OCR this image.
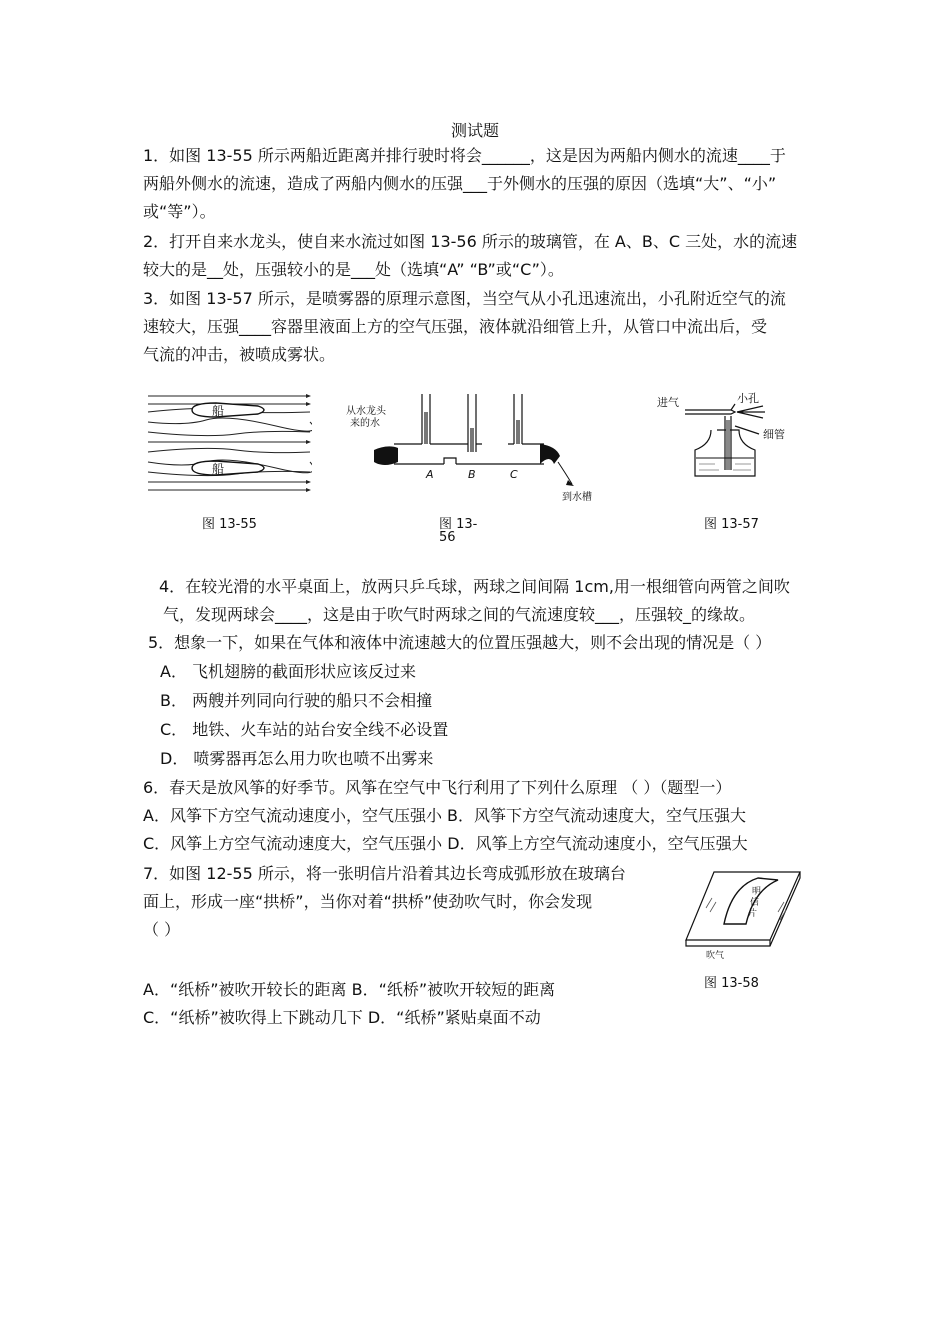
测试题
1．如图 13-55 所示两船近距离并排行驶时将会______，这是因为两船内侧水的流速____于
两船外侧水的流速，造成了两船内侧水的压强___于外侧水的压强的原因（选填“大”、“小”
或“等”）。
2．打开自来水龙头，使自来水流过如图 13-56 所示的玻璃管，在 A、B、C 三处，水的流速
较大的是__处，压强较小的是___处（选填“A” “B”或“C”）。
3．如图 13-57 所示，是喷雾器的原理示意图，当空气从小孔迅速流出，小孔附近空气的流
速较大，压强____容器里液面上方的空气压强，液体就沿细管上升，从管口中流出后，受
气流的冲击，被喷成雾状。
船
船
图 13-55
从水龙头
来的水
A	B	C
到水槽
图 13-
56
进气	小孔
细管
图 13-57
4．在较光滑的水平桌面上，放两只乒乓球，两球之间间隔 1cm,用一根细管向两管之间吹
气，发现两球会____，这是由于吹气时两球之间的气流速度较___，压强较_的缘故。
5．想象一下，如果在气体和液体中流速越大的位置压强越大，则不会出现的情况是（ ）
A． 飞机翅膀的截面形状应该反过来
B． 两艘并列同向行驶的船只不会相撞
C． 地铁、火车站的站台安全线不必设置
D． 喷雾器再怎么用力吹也喷不出雾来
6．春天是放风筝的好季节。风筝在空气中飞行利用了下列什么原理 （ ）（题型一）
A．风筝下方空气流动速度小，空气压强小 B．风筝下方空气流动速度大，空气压强大
C．风筝上方空气流动速度大，空气压强小 D．风筝上方空气流动速度小，空气压强大
7．如图 12-55 所示，将一张明信片沿着其边长弯成弧形放在玻璃台
面上，形成一座“拱桥”，当你对着“拱桥”使劲吹气时，你会发现
（ ）
明
信
片
吹气
图 13-58
A．“纸桥”被吹开较长的距离 B．“纸桥”被吹开较短的距离
C．“纸桥”被吹得上下跳动几下 D．“纸桥”紧贴桌面不动
